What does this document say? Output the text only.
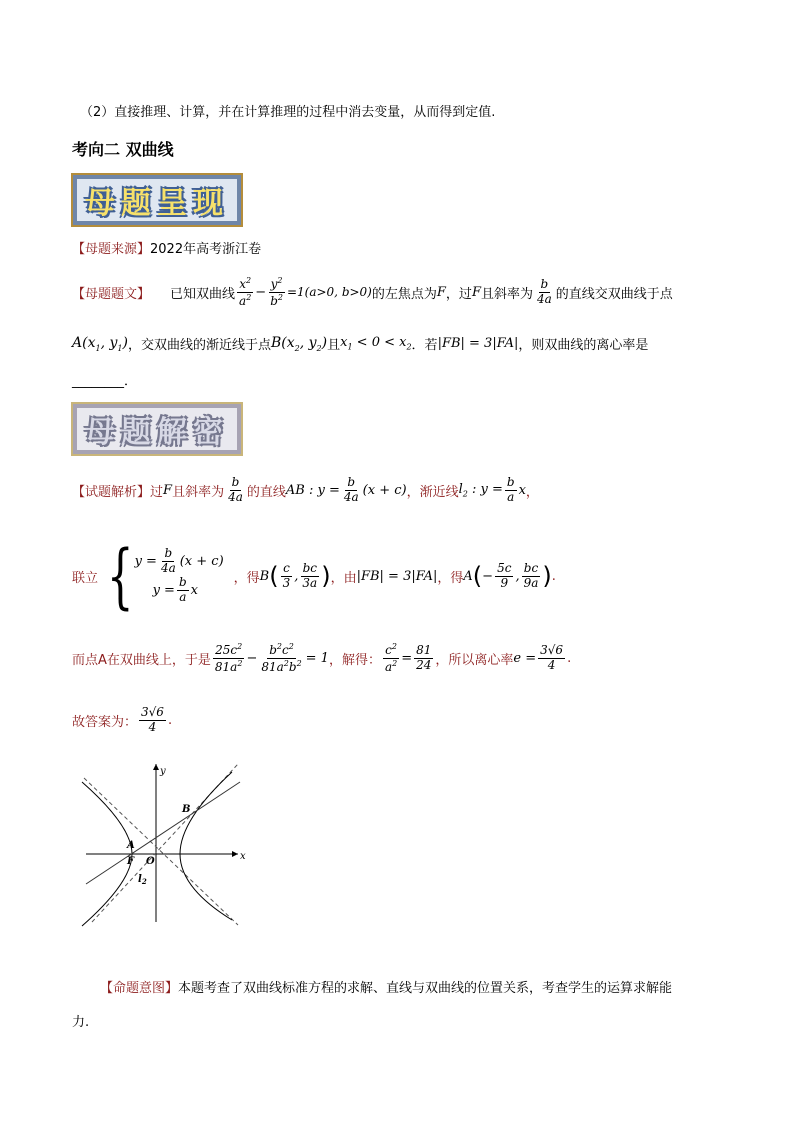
（2）直接推理、计算，并在计算推理的过程中消去变量，从而得到定值.
考向二 双曲线
母题呈现
【母题来源】2022年高考浙江卷
【母题题文】 已知双曲线 $\frac{x^2}{a^2} - \frac{y^2}{b^2} =1(a>0$, b>0) 的左焦点为 F ，过 F 且斜率为 $\frac{b}{4a}$ 的直线交双曲线于点
$A(x_1$, $y_1$) ，交双曲线的渐近线于点 $B(x_2$, $y_2$) 且 $x_1 < 0 < x_2$ ．若 |FB| = 3|FA| ，则双曲线的离心率是
________．
母题解密
【试题解析】 过 F 且斜率为 $\frac{b}{4a}$ 的直线 AB : $y = \frac{b}{4a} (x + c)$ ，渐近线 $l_2$ : $y = \frac{b}{a}$ x ，
联立 { $y = \frac{b}{4a} (x + c)$
$y = \frac{b}{a}$ x
，得 B ( $\frac{c}{3}$ , $\frac{bc}{3a}$ ) ，由 |FB| = 3|FA| ，得 A ( − $\frac{5c}{9}$ , $\frac{bc}{9a}$ ) .
而点A在双曲线上，于是 $\frac{25c^2}{81a^2} - \frac{b^2c^2}{81a^2b^2} = 1$ ，解得： $\frac{c^2}{a^2} = \frac{81}{24}$ ，所以离心率 $e = \frac{3√6}{4}$ .
故答案为： $\frac{3√6}{4}$ .
x
y
B
A
F O
$l_2$
【命题意图】本题考查了双曲线标准方程的求解、直线与双曲线的位置关系，考查学生的运算求解能
力.
